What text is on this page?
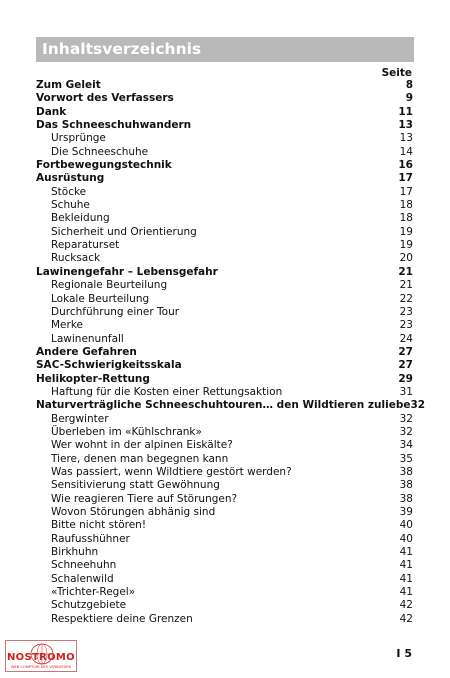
Inhaltsverzeichnis
Seite
Zum Geleit	8
Vorwort des Verfassers	9
Dank	11
Das Schneeschuhwandern	13
Ursprünge	13
Die Schneeschuhe	14
Fortbewegungstechnik	16
Ausrüstung	17
Stöcke	17
Schuhe	18
Bekleidung	18
Sicherheit und Orientierung	19
Reparaturset	19
Rucksack	20
Lawinengefahr – Lebensgefahr	21
Regionale Beurteilung	21
Lokale Beurteilung	22
Durchführung einer Tour	23
Merke	23
Lawinenunfall	24
Andere Gefahren	27
SAC-Schwierigkeitsskala	27
Helikopter-Rettung	29
Haftung für die Kosten einer Rettungsaktion	31
Naturverträgliche Schneeschuhtouren… den Wildtieren zuliebe 32
Bergwinter	32
Überleben im «Kühlschrank»	32
Wer wohnt in der alpinen Eiskälte?	34
Tiere, denen man begegnen kann	35
Was passiert, wenn Wildtiere gestört werden?	38
Sensitivierung statt Gewöhnung	38
Wie reagieren Tiere auf Störungen?	38
Wovon Störungen abhänig sind	39
Bitte nicht stören!	40
Raufusshühner	40
Birkhuhn	41
Schneehuhn	41
Schalenwild	41
«Trichter-Regel»	41
Schutzgebiete	42
Respektiere deine Grenzen	42
I 5
NOSTROMO
WEB COMPTOIR DES VOYAGEURS
